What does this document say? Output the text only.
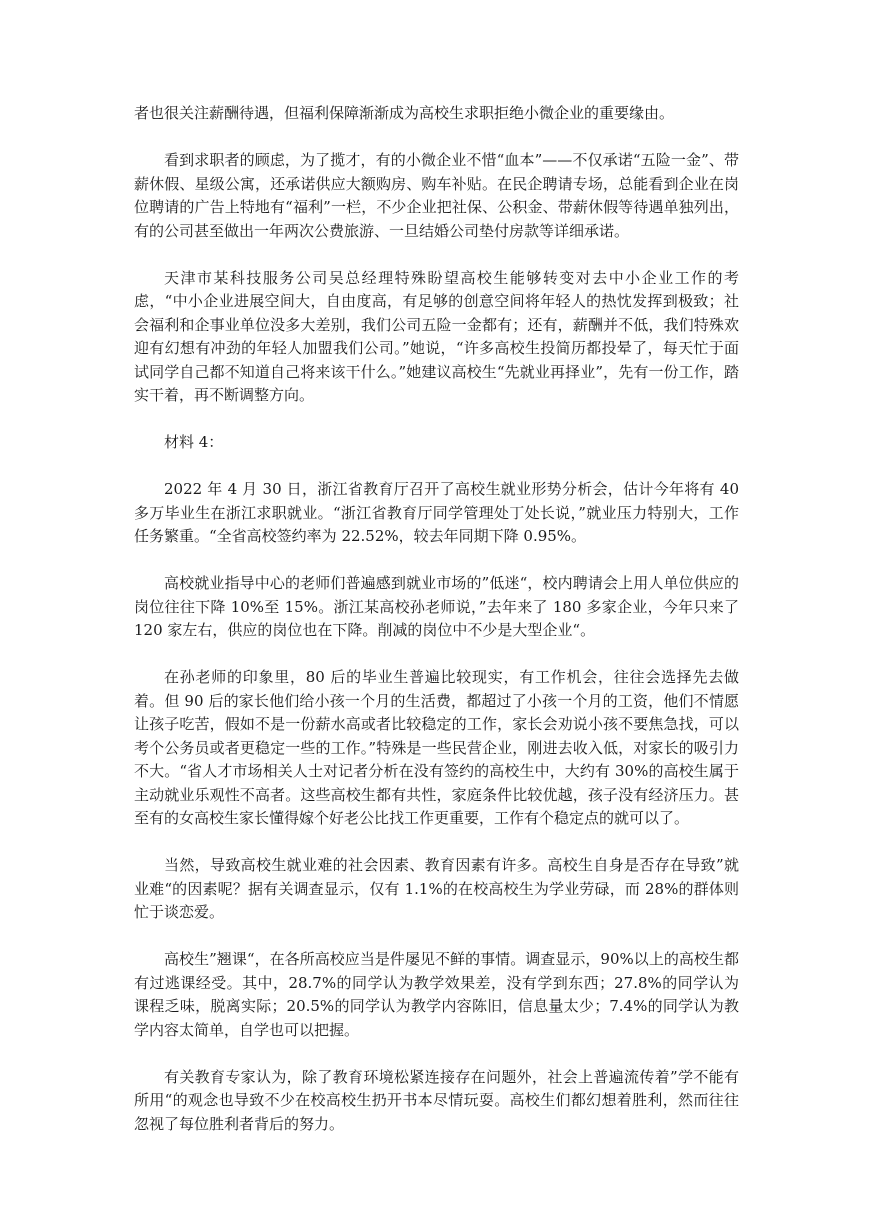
者也很关注薪酬待遇，但福利保障渐渐成为高校生求职拒绝小微企业的重要缘由。

看到求职者的顾虑，为了揽才，有的小微企业不惜“血本”——不仅承诺“五险一金”、带薪休假、星级公寓，还承诺供应大额购房、购车补贴。在民企聘请专场，总能看到企业在岗位聘请的广告上特地有“福利”一栏，不少企业把社保、公积金、带薪休假等待遇单独列出，有的公司甚至做出一年两次公费旅游、一旦结婚公司垫付房款等详细承诺。

天津市某科技服务公司吴总经理特殊盼望高校生能够转变对去中小企业工作的考虑，“中小企业进展空间大，自由度高，有足够的创意空间将年轻人的热忱发挥到极致；社会福利和企事业单位没多大差别，我们公司五险一金都有；还有，薪酬并不低，我们特殊欢迎有幻想有冲劲的年轻人加盟我们公司。”她说，“许多高校生投简历都投晕了，每天忙于面试同学自己都不知道自己将来该干什么。”她建议高校生“先就业再择业”，先有一份工作，踏实干着，再不断调整方向。

材料 4：

2022 年 4 月 30 日，浙江省教育厅召开了高校生就业形势分析会，估计今年将有 40 多万毕业生在浙江求职就业。“浙江省教育厅同学管理处丁处长说，”就业压力特别大，工作任务繁重。“全省高校签约率为 22.52%，较去年同期下降 0.95%。

高校就业指导中心的老师们普遍感到就业市场的”低迷“，校内聘请会上用人单位供应的岗位往往下降 10%至 15%。浙江某高校孙老师说，”去年来了 180 多家企业，今年只来了 120 家左右，供应的岗位也在下降。削减的岗位中不少是大型企业“。

在孙老师的印象里，80 后的毕业生普遍比较现实，有工作机会，往往会选择先去做着。但 90 后的家长他们给小孩一个月的生活费，都超过了小孩一个月的工资，他们不情愿让孩子吃苦，假如不是一份薪水高或者比较稳定的工作，家长会劝说小孩不要焦急找，可以考个公务员或者更稳定一些的工作。”特殊是一些民营企业，刚进去收入低，对家长的吸引力不大。“省人才市场相关人士对记者分析在没有签约的高校生中，大约有 30%的高校生属于主动就业乐观性不高者。这些高校生都有共性，家庭条件比较优越，孩子没有经济压力。甚至有的女高校生家长懂得嫁个好老公比找工作更重要，工作有个稳定点的就可以了。

当然，导致高校生就业难的社会因素、教育因素有许多。高校生自身是否存在导致”就业难“的因素呢？据有关调查显示，仅有 1.1%的在校高校生为学业劳碌，而 28%的群体则忙于谈恋爱。

高校生”翘课“，在各所高校应当是件屡见不鲜的事情。调查显示，90%以上的高校生都有过逃课经受。其中，28.7%的同学认为教学效果差，没有学到东西；27.8%的同学认为课程乏味，脱离实际；20.5%的同学认为教学内容陈旧，信息量太少；7.4%的同学认为教学内容太简单，自学也可以把握。

有关教育专家认为，除了教育环境松紧连接存在问题外，社会上普遍流传着”学不能有所用“的观念也导致不少在校高校生扔开书本尽情玩耍。高校生们都幻想着胜利，然而往往忽视了每位胜利者背后的努力。
